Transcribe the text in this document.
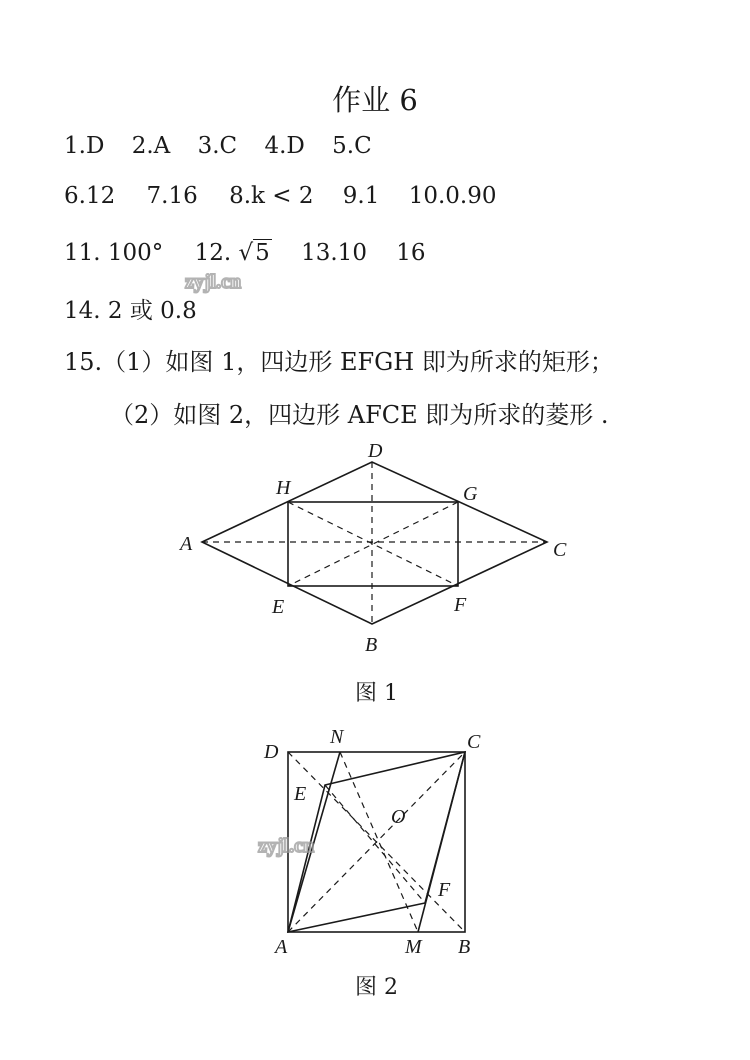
作业 6
1.D 2.A 3.C 4.D 5.C
6.12 7.16 8.k < 2 9.1 10.0.90
11. 100° 12. √5 13.10 16
14. 2 或 0.8
15.（1）如图 1，四边形 EFGH 即为所求的矩形；
（2）如图 2，四边形 AFCE 即为所求的菱形 .
D
H	G
A	C
E	F
B
D
N	C
E
O
F
A	M B
图 1
图 2
zyjl.cn
zyjl.cn
